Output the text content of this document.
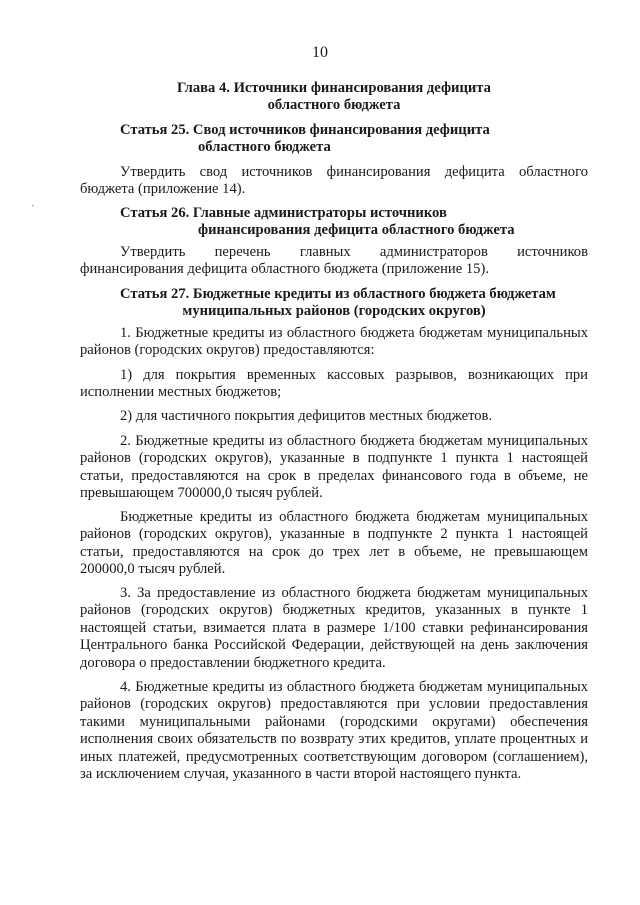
10
ˎ
Глава 4. Источники финансирования дефицита
областного бюджета
Статья 25. Свод источников финансирования дефицита
областного бюджета
Утвердить свод источников финансирования дефицита областного бюджета (приложение 14).
Статья 26. Главные администраторы источников
финансирования дефицита областного бюджета
Утвердить перечень главных администраторов источников финансирования дефицита областного бюджета (приложение 15).
Статья 27. Бюджетные кредиты из областного бюджета бюджетам
муниципальных районов (городских округов)
1. Бюджетные кредиты из областного бюджета бюджетам муниципальных районов (городских округов) предоставляются:
1) для покрытия временных кассовых разрывов, возникающих при исполнении местных бюджетов;
2) для частичного покрытия дефицитов местных бюджетов.
2. Бюджетные кредиты из областного бюджета бюджетам муниципальных районов (городских округов), указанные в подпункте 1 пункта 1 настоящей статьи, предоставляются на срок в пределах финансового года в объеме, не превышающем 700000,0 тысяч рублей.
Бюджетные кредиты из областного бюджета бюджетам муниципальных районов (городских округов), указанные в подпункте 2 пункта 1 настоящей статьи, предоставляются на срок до трех лет в объеме, не превышающем 200000,0 тысяч рублей.
3. За предоставление из областного бюджета бюджетам муниципальных районов (городских округов) бюджетных кредитов, указанных в пункте 1 настоящей статьи, взимается плата в размере 1/100 ставки рефинансирования Центрального банка Российской Федерации, действующей на день заключения договора о предоставлении бюджетного кредита.
4. Бюджетные кредиты из областного бюджета бюджетам муниципальных районов (городских округов) предоставляются при условии предоставления такими муниципальными районами (городскими округами) обеспечения исполнения своих обязательств по возврату этих кредитов, уплате процентных и иных платежей, предусмотренных соответствующим договором (соглашением), за исключением случая, указанного в части второй настоящего пункта.
